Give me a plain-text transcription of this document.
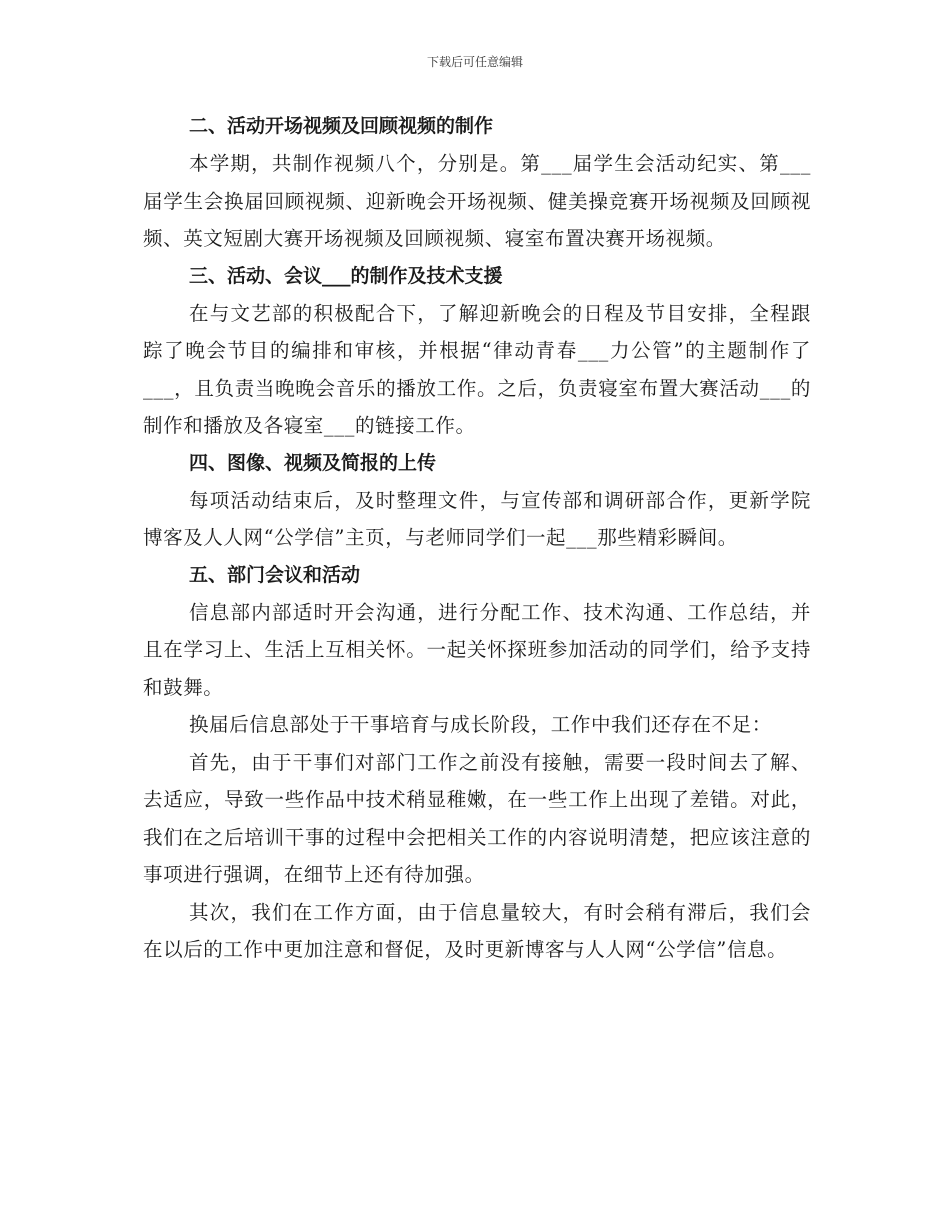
下载后可任意编辑

二、活动开场视频及回顾视频的制作

本学期，共制作视频八个，分别是。第___届学生会活动纪实、第___届学生会换届回顾视频、迎新晚会开场视频、健美操竞赛开场视频及回顾视频、英文短剧大赛开场视频及回顾视频、寝室布置决赛开场视频。

三、活动、会议___的制作及技术支援

在与文艺部的积极配合下，了解迎新晚会的日程及节目安排，全程跟踪了晚会节目的编排和审核，并根据“律动青春___力公管”的主题制作了___，且负责当晚晚会音乐的播放工作。之后，负责寝室布置大赛活动___的制作和播放及各寝室___的链接工作。

四、图像、视频及简报的上传

每项活动结束后，及时整理文件，与宣传部和调研部合作，更新学院博客及人人网“公学信”主页，与老师同学们一起___那些精彩瞬间。

五、部门会议和活动

信息部内部适时开会沟通，进行分配工作、技术沟通、工作总结，并且在学习上、生活上互相关怀。一起关怀探班参加活动的同学们，给予支持和鼓舞。

换届后信息部处于干事培育与成长阶段，工作中我们还存在不足：

首先，由于干事们对部门工作之前没有接触，需要一段时间去了解、去适应，导致一些作品中技术稍显稚嫩，在一些工作上出现了差错。对此，我们在之后培训干事的过程中会把相关工作的内容说明清楚，把应该注意的事项进行强调，在细节上还有待加强。

其次，我们在工作方面，由于信息量较大，有时会稍有滞后，我们会在以后的工作中更加注意和督促，及时更新博客与人人网“公学信”信息。
